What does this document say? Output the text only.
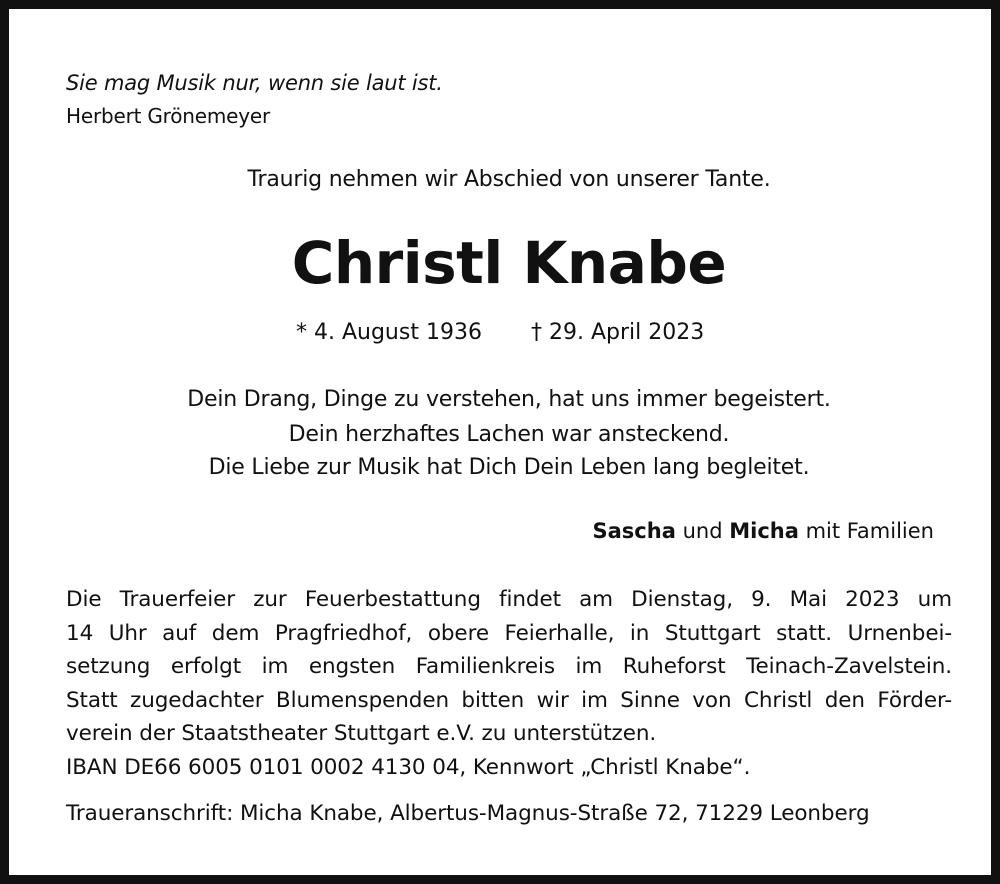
Sie mag Musik nur, wenn sie laut ist.
Herbert Grönemeyer
Traurig nehmen wir Abschied von unserer Tante.
Christl Knabe
* 4. August 1936 † 29. April 2023
Dein Drang, Dinge zu verstehen, hat uns immer begeistert.
Dein herzhaftes Lachen war ansteckend.
Die Liebe zur Musik hat Dich Dein Leben lang begleitet.
Sascha und Micha mit Familien
Die Trauerfeier zur Feuerbestattung findet am Dienstag, 9. Mai 2023 um
14 Uhr auf dem Pragfriedhof, obere Feierhalle, in Stuttgart statt. Urnenbei-
setzung erfolgt im engsten Familienkreis im Ruheforst Teinach-Zavelstein.
Statt zugedachter Blumenspenden bitten wir im Sinne von Christl den Förder-
verein der Staatstheater Stuttgart e.V. zu unterstützen.
IBAN DE66 6005 0101 0002 4130 04, Kennwort „Christl Knabe“.
Traueranschrift: Micha Knabe, Albertus-Magnus-Straße 72, 71229 Leonberg
